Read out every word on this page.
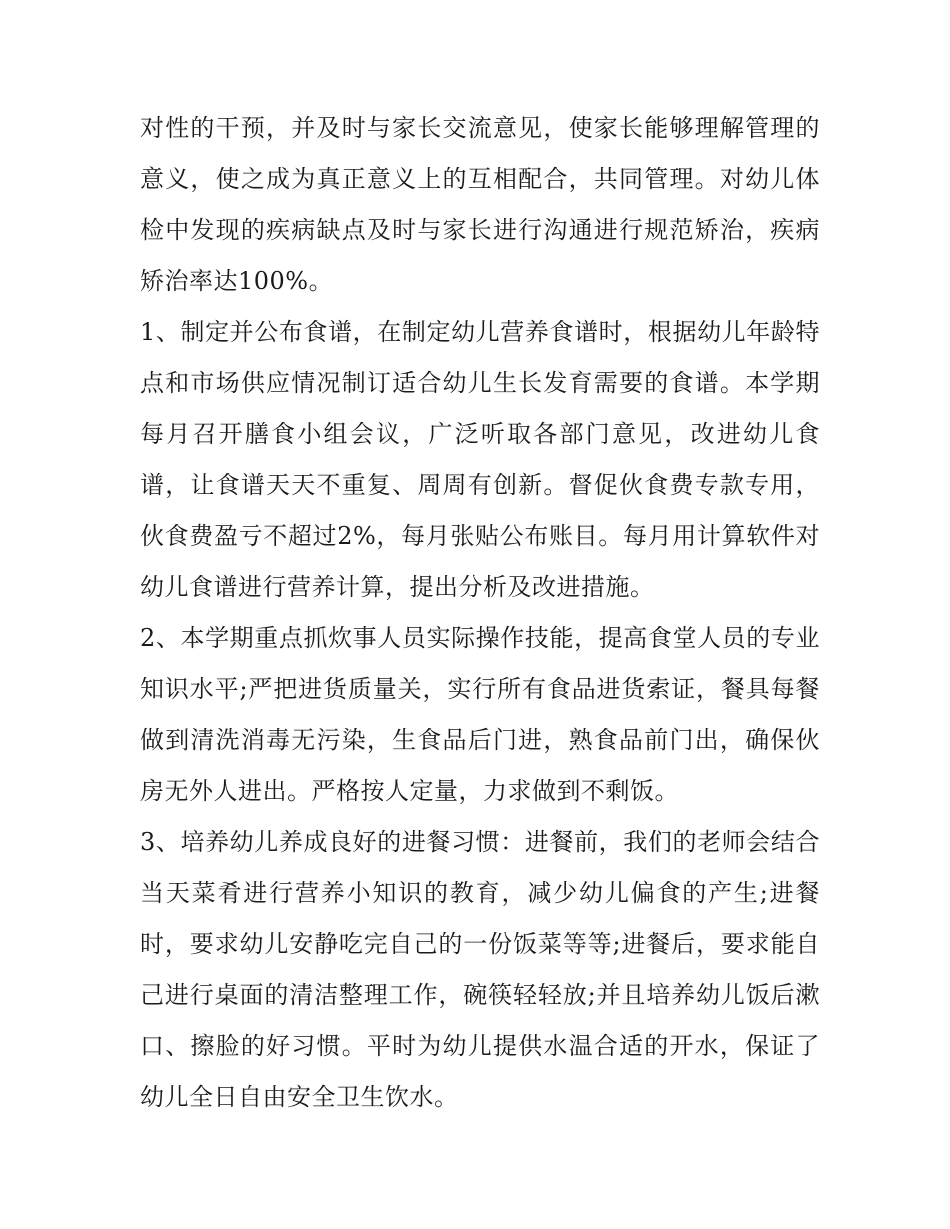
对性的干预，并及时与家长交流意见，使家长能够理解管理的意义，使之成为真正意义上的互相配合，共同管理。对幼儿体检中发现的疾病缺点及时与家长进行沟通进行规范矫治，疾病矫治率达100%。

1、制定并公布食谱，在制定幼儿营养食谱时，根据幼儿年龄特点和市场供应情况制订适合幼儿生长发育需要的食谱。本学期每月召开膳食小组会议，广泛听取各部门意见，改进幼儿食谱，让食谱天天不重复、周周有创新。督促伙食费专款专用，伙食费盈亏不超过2%，每月张贴公布账目。每月用计算软件对幼儿食谱进行营养计算，提出分析及改进措施。

2、本学期重点抓炊事人员实际操作技能，提高食堂人员的专业知识水平;严把进货质量关，实行所有食品进货索证，餐具每餐做到清洗消毒无污染，生食品后门进，熟食品前门出，确保伙房无外人进出。严格按人定量，力求做到不剩饭。

3、培养幼儿养成良好的进餐习惯：进餐前，我们的老师会结合当天菜肴进行营养小知识的教育，减少幼儿偏食的产生;进餐时，要求幼儿安静吃完自己的一份饭菜等等;进餐后，要求能自己进行桌面的清洁整理工作，碗筷轻轻放;并且培养幼儿饭后漱口、擦脸的好习惯。平时为幼儿提供水温合适的开水，保证了幼儿全日自由安全卫生饮水。
